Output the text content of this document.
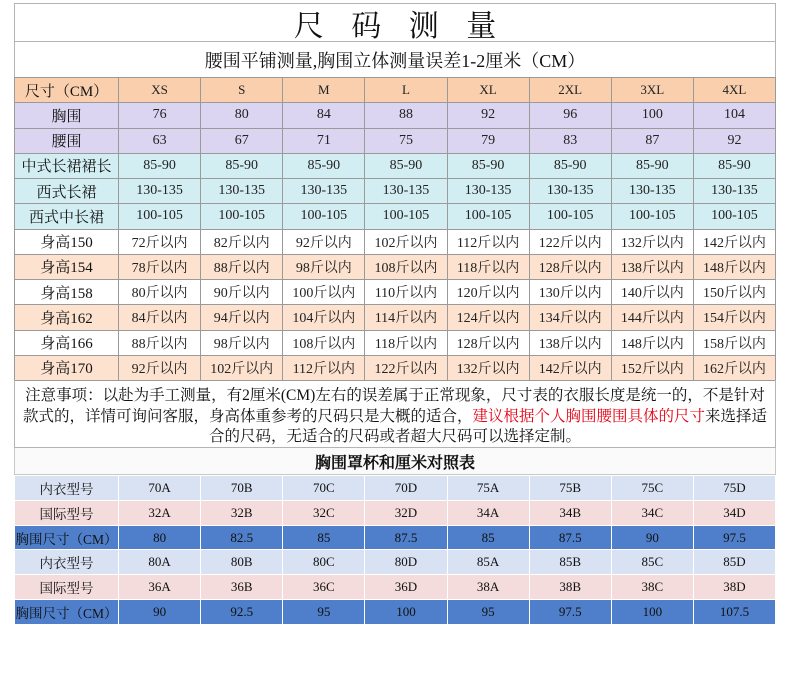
尺 码 测 量
腰围平铺测量,胸围立体测量误差1-2厘米（CM）
尺寸（CM）	XS	S	M	L	XL	2XL	3XL	4XL
胸围	76	80	84	88	92	96	100	104
腰围	63	67	71	75	79	83	87	92
中式长裙裙长	85-90	85-90	85-90	85-90	85-90	85-90	85-90	85-90
西式长裙	130-135	130-135	130-135	130-135	130-135	130-135	130-135	130-135
西式中长裙	100-105	100-105	100-105	100-105	100-105	100-105	100-105	100-105
身高150	72斤以内	82斤以内	92斤以内	102斤以内	112斤以内	122斤以内	132斤以内	142斤以内
身高154	78斤以内	88斤以内	98斤以内	108斤以内	118斤以内	128斤以内	138斤以内	148斤以内
身高158	80斤以内	90斤以内	100斤以内	110斤以内	120斤以内	130斤以内	140斤以内	150斤以内
身高162	84斤以内	94斤以内	104斤以内	114斤以内	124斤以内	134斤以内	144斤以内	154斤以内
身高166	88斤以内	98斤以内	108斤以内	118斤以内	128斤以内	138斤以内	148斤以内	158斤以内
身高170	92斤以内	102斤以内	112斤以内	122斤以内	132斤以内	142斤以内	152斤以内	162斤以内
注意事项：以赴为手工测量，有2厘米(CM)左右的误差属于正常现象，尺寸表的衣服长度是统一的，不是针对款式的，详情可询问客服，身高体重参考的尺码只是大概的适合，建议根据个人胸围腰围具体的尺寸来选择适合的尺码，无适合的尺码或者超大尺码可以选择定制。
胸围罩杯和厘米对照表
内衣型号	70A	70B	70C	70D	75A	75B	75C	75D
国际型号	32A	32B	32C	32D	34A	34B	34C	34D
胸围尺寸（CM）	80	82.5	85	87.5	85	87.5	90	97.5
内衣型号	80A	80B	80C	80D	85A	85B	85C	85D
国际型号	36A	36B	36C	36D	38A	38B	38C	38D
胸围尺寸（CM）	90	92.5	95	100	95	97.5	100	107.5
